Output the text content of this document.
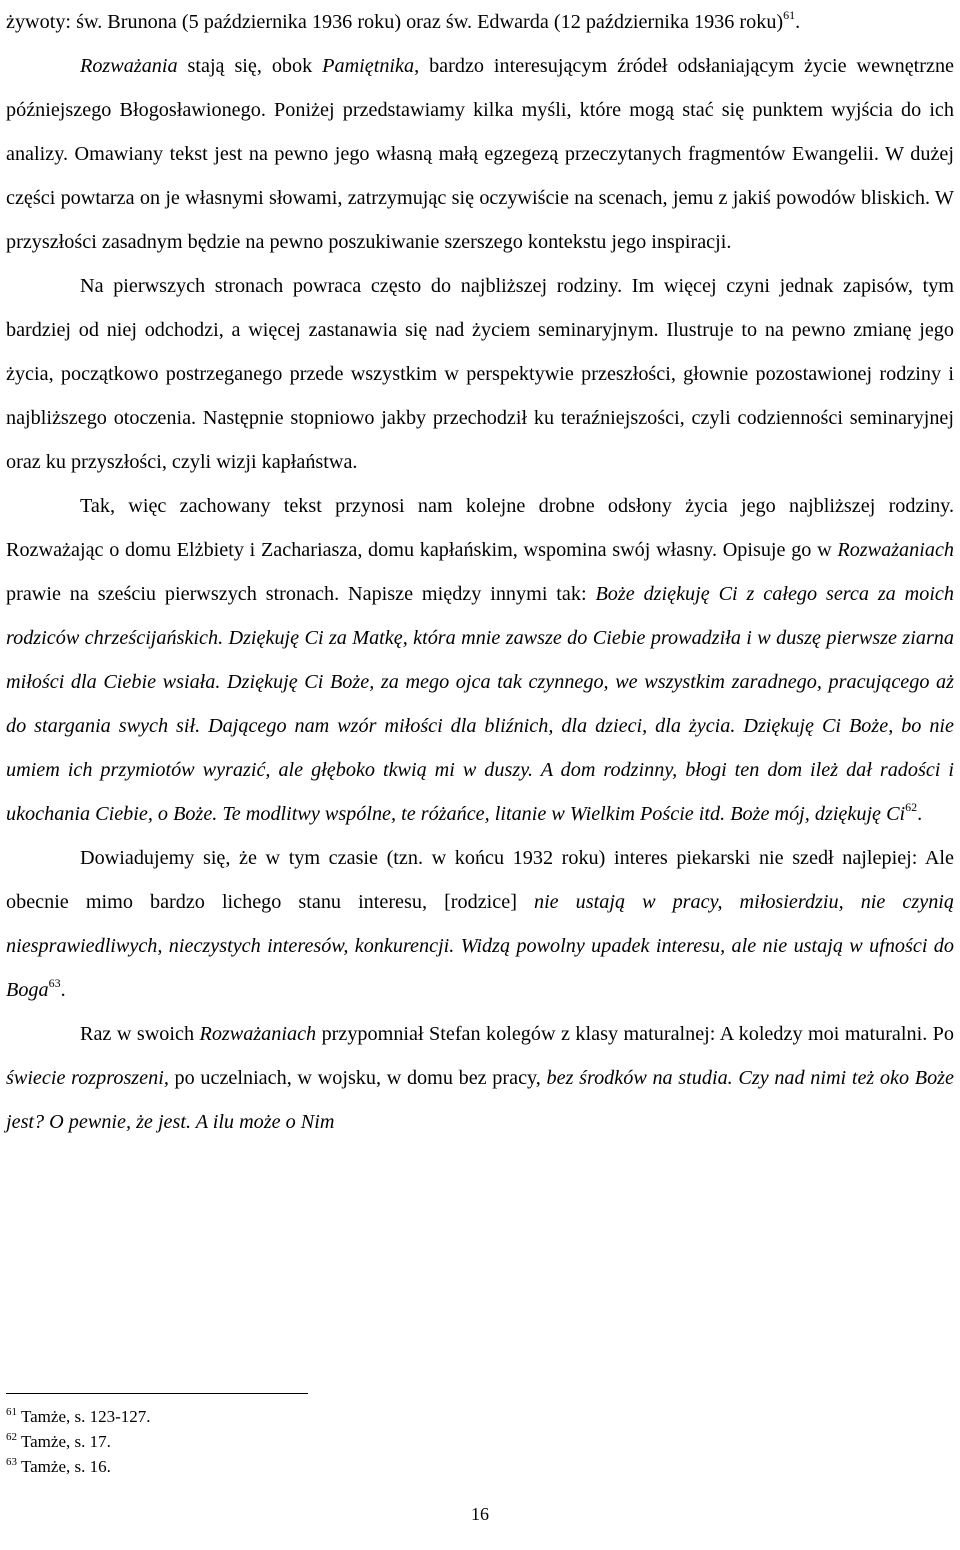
żywoty: św. Brunona (5 października 1936 roku) oraz św. Edwarda (12 października 1936 roku)$^{61}$.

Rozważania stają się, obok Pamiętnika, bardzo interesującym źródeł odsłaniającym życie wewnętrzne późniejszego Błogosławionego. Poniżej przedstawiamy kilka myśli, które mogą stać się punktem wyjścia do ich analizy. Omawiany tekst jest na pewno jego własną małą egzegezą przeczytanych fragmentów Ewangelii. W dużej części powtarza on je własnymi słowami, zatrzymując się oczywiście na scenach, jemu z jakiś powodów bliskich. W przyszłości zasadnym będzie na pewno poszukiwanie szerszego kontekstu jego inspiracji.

Na pierwszych stronach powraca często do najbliższej rodziny. Im więcej czyni jednak zapisów, tym bardziej od niej odchodzi, a więcej zastanawia się nad życiem seminaryjnym. Ilustruje to na pewno zmianę jego życia, początkowo postrzeganego przede wszystkim w perspektywie przeszłości, głownie pozostawionej rodziny i najbliższego otoczenia. Następnie stopniowo jakby przechodził ku teraźniejszości, czyli codzienności seminaryjnej oraz ku przyszłości, czyli wizji kapłaństwa.

Tak, więc zachowany tekst przynosi nam kolejne drobne odsłony życia jego najbliższej rodziny. Rozważając o domu Elżbiety i Zachariasza, domu kapłańskim, wspomina swój własny. Opisuje go w Rozważaniach prawie na sześciu pierwszych stronach. Napisze między innymi tak: Boże dziękuję Ci z całego serca za moich rodziców chrześcijańskich. Dziękuję Ci za Matkę, która mnie zawsze do Ciebie prowadziła i w duszę pierwsze ziarna miłości dla Ciebie wsiała. Dziękuję Ci Boże, za mego ojca tak czynnego, we wszystkim zaradnego, pracującego aż do stargania swych sił. Dającego nam wzór miłości dla bliźnich, dla dzieci, dla życia. Dziękuję Ci Boże, bo nie umiem ich przymiotów wyrazić, ale głęboko tkwią mi w duszy. A dom rodzinny, błogi ten dom ileż dał radości i ukochania Ciebie, o Boże. Te modlitwy wspólne, te różańce, litanie w Wielkim Poście itd. Boże mój, dziękuję Ci$^{62}$.

Dowiadujemy się, że w tym czasie (tzn. w końcu 1932 roku) interes piekarski nie szedł najlepiej: Ale obecnie mimo bardzo lichego stanu interesu, [rodzice] nie ustają w pracy, miłosierdziu, nie czynią niesprawiedliwych, nieczystych interesów, konkurencji. Widzą powolny upadek interesu, ale nie ustają w ufności do Boga$^{63}$.

Raz w swoich Rozważaniach przypomniał Stefan kolegów z klasy maturalnej: A koledzy moi maturalni. Po świecie rozproszeni, po uczelniach, w wojsku, w domu bez pracy, bez środków na studia. Czy nad nimi też oko Boże jest? O pewnie, że jest. A ilu może o Nim

$^{61}$ Tamże, s. 123-127.
$^{62}$ Tamże, s. 17.
$^{63}$ Tamże, s. 16.
16
